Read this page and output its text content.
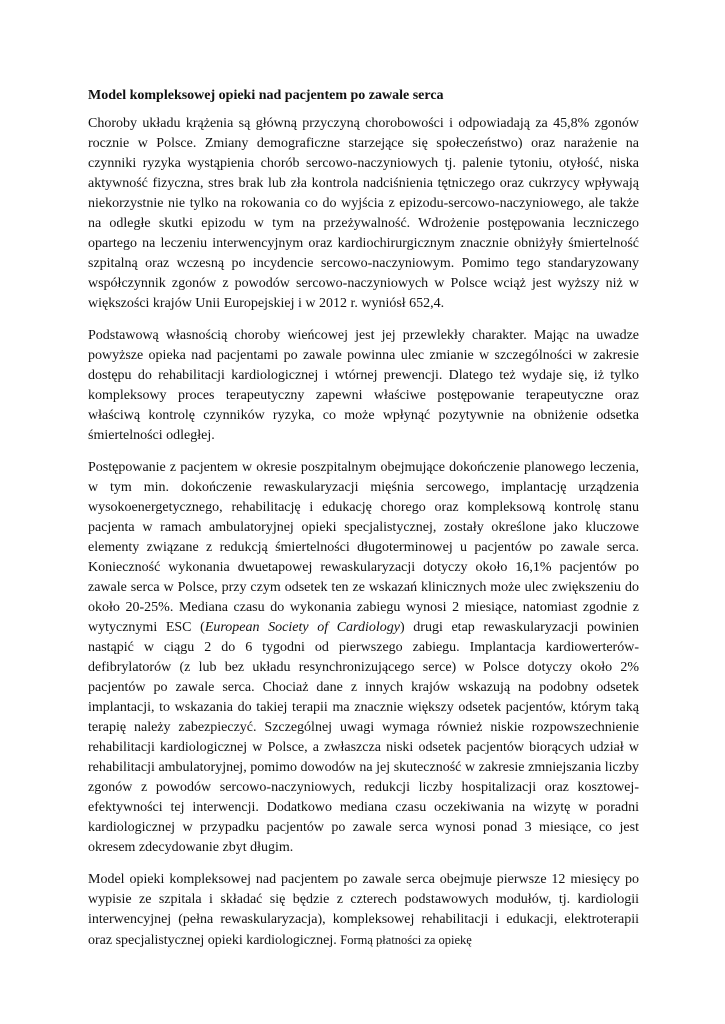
Model kompleksowej opieki nad pacjentem po zawale serca

Choroby układu krążenia są główną przyczyną chorobowości i odpowiadają za 45,8% zgonów rocznie w Polsce. Zmiany demograficzne starzejące się społeczeństwo) oraz narażenie na czynniki ryzyka wystąpienia chorób sercowo-naczyniowych tj. palenie tytoniu, otyłość, niska aktywność fizyczna, stres brak lub zła kontrola nadciśnienia tętniczego oraz cukrzycy wpływają niekorzystnie nie tylko na rokowania co do wyjścia z epizodu-sercowo-naczyniowego, ale także na odległe skutki epizodu w tym na przeżywalność. Wdrożenie postępowania leczniczego opartego na leczeniu interwencyjnym oraz kardiochirurgicznym znacznie obniżyły śmiertelność szpitalną oraz wczesną po incydencie sercowo-naczyniowym. Pomimo tego standaryzowany współczynnik zgonów z powodów sercowo-naczyniowych w Polsce wciąż jest wyższy niż w większości krajów Unii Europejskiej i w 2012 r. wyniósł 652,4.

Podstawową własnością choroby wieńcowej jest jej przewlekły charakter. Mając na uwadze powyższe opieka nad pacjentami po zawale powinna ulec zmianie w szczególności w zakresie dostępu do rehabilitacji kardiologicznej i wtórnej prewencji. Dlatego też wydaje się, iż tylko kompleksowy proces terapeutyczny zapewni właściwe postępowanie terapeutyczne oraz właściwą kontrolę czynników ryzyka, co może wpłynąć pozytywnie na obniżenie odsetka śmiertelności odległej.

Postępowanie z pacjentem w okresie poszpitalnym obejmujące dokończenie planowego leczenia, w tym min. dokończenie rewaskularyzacji mięśnia sercowego, implantację urządzenia wysokoenergetycznego, rehabilitację i edukację chorego oraz kompleksową kontrolę stanu pacjenta w ramach ambulatoryjnej opieki specjalistycznej, zostały określone jako kluczowe elementy związane z redukcją śmiertelności długoterminowej u pacjentów po zawale serca. Konieczność wykonania dwuetapowej rewaskularyzacji dotyczy około 16,1% pacjentów po zawale serca w Polsce, przy czym odsetek ten ze wskazań klinicznych może ulec zwiększeniu do około 20-25%. Mediana czasu do wykonania zabiegu wynosi 2 miesiące, natomiast zgodnie z wytycznymi ESC (European Society of Cardiology) drugi etap rewaskularyzacji powinien nastąpić w ciągu 2 do 6 tygodni od pierwszego zabiegu. Implantacja kardiowerterów-defibrylatorów (z lub bez układu resynchronizującego serce) w Polsce dotyczy około 2% pacjentów po zawale serca. Chociaż dane z innych krajów wskazują na podobny odsetek implantacji, to wskazania do takiej terapii ma znacznie większy odsetek pacjentów, którym taką terapię należy zabezpieczyć. Szczególnej uwagi wymaga również niskie rozpowszechnienie rehabilitacji kardiologicznej w Polsce, a zwłaszcza niski odsetek pacjentów biorących udział w rehabilitacji ambulatoryjnej, pomimo dowodów na jej skuteczność w zakresie zmniejszania liczby zgonów z powodów sercowo-naczyniowych, redukcji liczby hospitalizacji oraz kosztowej-efektywności tej interwencji. Dodatkowo mediana czasu oczekiwania na wizytę w poradni kardiologicznej w przypadku pacjentów po zawale serca wynosi ponad 3 miesiące, co jest okresem zdecydowanie zbyt długim.

Model opieki kompleksowej nad pacjentem po zawale serca obejmuje pierwsze 12 miesięcy po wypisie ze szpitala i składać się będzie z czterech podstawowych modułów, tj. kardiologii interwencyjnej (pełna rewaskularyzacja), kompleksowej rehabilitacji i edukacji, elektroterapii oraz specjalistycznej opieki kardiologicznej. Formą płatności za opiekę
